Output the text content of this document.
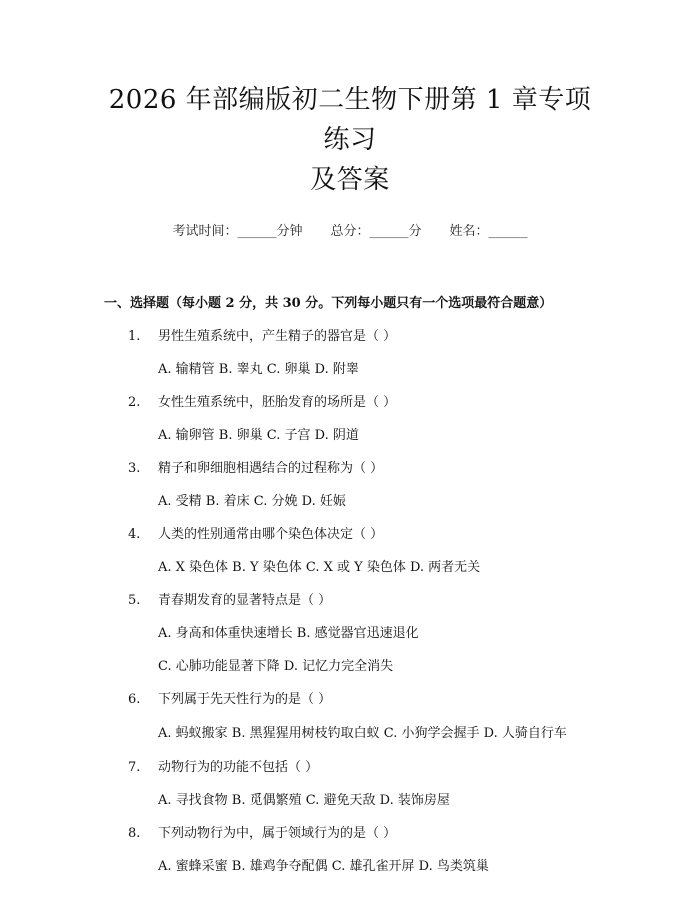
2026 年部编版初二生物下册第 1 章专项练习
及答案
考试时间：______分钟 总分：______分 姓名：______
一、选择题（每小题 2 分，共 30 分。下列每小题只有一个选项最符合题意）
1. 男性生殖系统中，产生精子的器官是（ ）
A. 输精管 B. 睾丸 C. 卵巢 D. 附睾
2. 女性生殖系统中，胚胎发育的场所是（ ）
A. 输卵管 B. 卵巢 C. 子宫 D. 阴道
3. 精子和卵细胞相遇结合的过程称为（ ）
A. 受精 B. 着床 C. 分娩 D. 妊娠
4. 人类的性别通常由哪个染色体决定（ ）
A. X 染色体 B. Y 染色体 C. X 或 Y 染色体 D. 两者无关
5. 青春期发育的显著特点是（ ）
A. 身高和体重快速增长 B. 感觉器官迅速退化
C. 心肺功能显著下降 D. 记忆力完全消失
6. 下列属于先天性行为的是（ ）
A. 蚂蚁搬家 B. 黑猩猩用树枝钓取白蚁 C. 小狗学会握手 D. 人骑自行车
7. 动物行为的功能不包括（ ）
A. 寻找食物 B. 觅偶繁殖 C. 避免天敌 D. 装饰房屋
8. 下列动物行为中，属于领域行为的是（ ）
A. 蜜蜂采蜜 B. 雄鸡争夺配偶 C. 雄孔雀开屏 D. 鸟类筑巢
